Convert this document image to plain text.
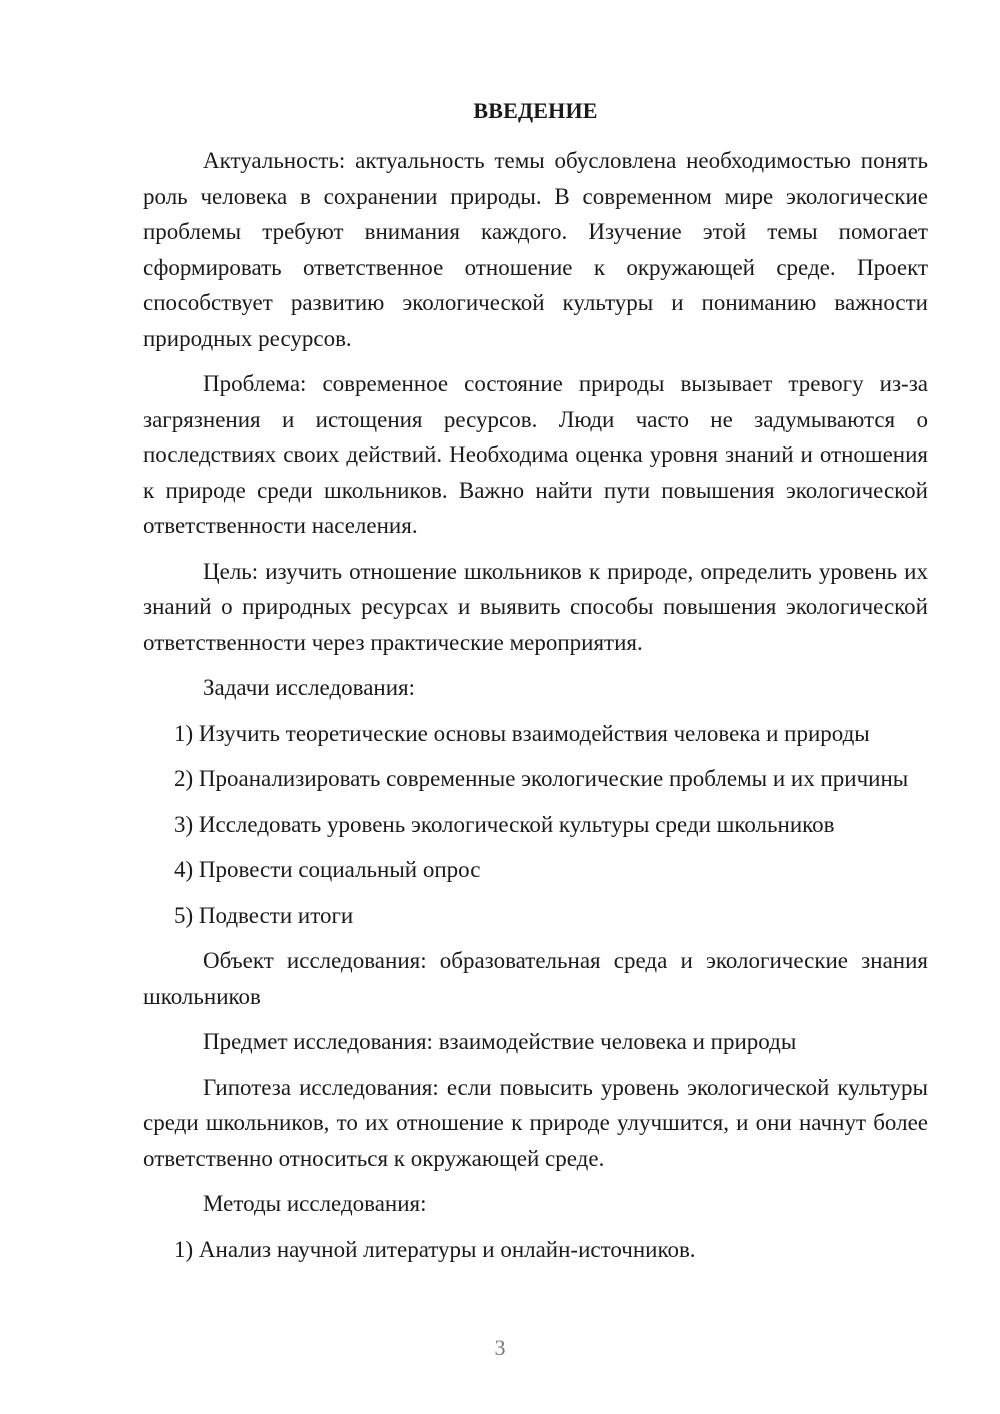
ВВЕДЕНИЕ

Актуальность: актуальность темы обусловлена необходимостью понять роль человека в сохранении природы. В современном мире экологические проблемы требуют внимания каждого. Изучение этой темы помогает сформировать ответственное отношение к окружающей среде. Проект способствует развитию экологической культуры и пониманию важности природных ресурсов.

Проблема: современное состояние природы вызывает тревогу из-за загрязнения и истощения ресурсов. Люди часто не задумываются о последствиях своих действий. Необходима оценка уровня знаний и отношения к природе среди школьников. Важно найти пути повышения экологической ответственности населения.

Цель: изучить отношение школьников к природе, определить уровень их знаний о природных ресурсах и выявить способы повышения экологической ответственности через практические мероприятия.

Задачи исследования:

1) Изучить теоретические основы взаимодействия человека и природы

2) Проанализировать современные экологические проблемы и их причины

3) Исследовать уровень экологической культуры среди школьников

4) Провести социальный опрос

5) Подвести итоги

Объект исследования: образовательная среда и экологические знания школьников

Предмет исследования: взаимодействие человека и природы

Гипотеза исследования: если повысить уровень экологической культуры среди школьников, то их отношение к природе улучшится, и они начнут более ответственно относиться к окружающей среде.

Методы исследования:

1) Анализ научной литературы и онлайн-источников.

3
